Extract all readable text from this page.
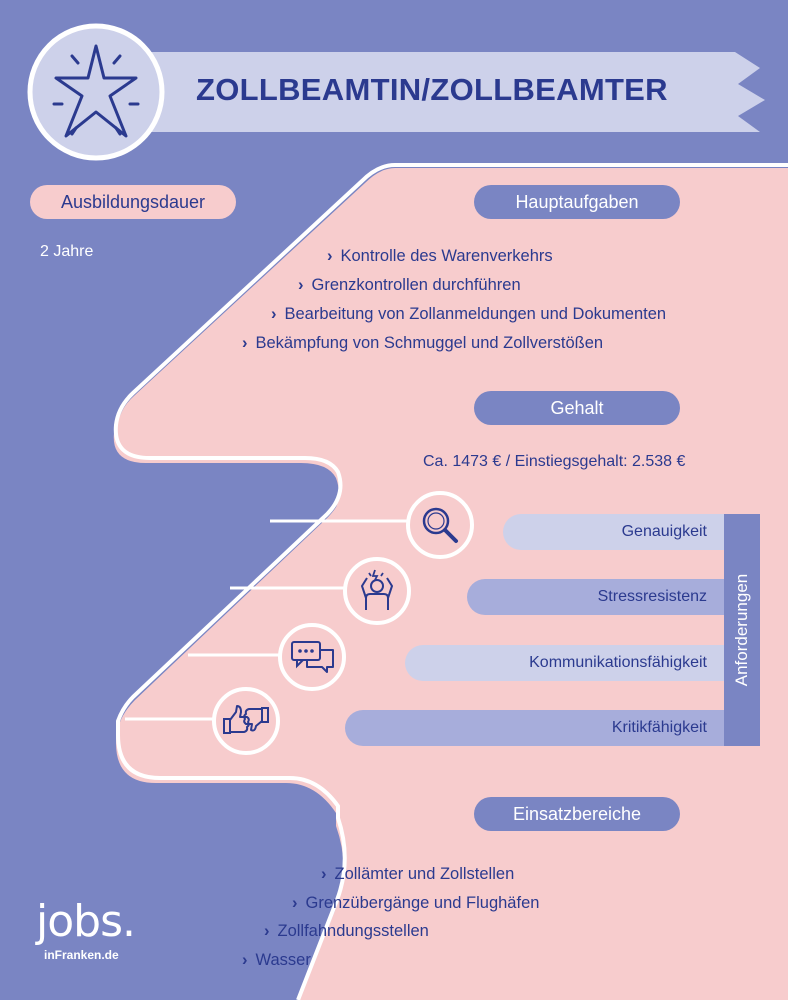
ZOLLBEAMTIN/ZOLLBEAMTER
Ausbildungsdauer
2 Jahre
Hauptaufgaben
› Kontrolle des Warenverkehrs
› Grenzkontrollen durchführen
› Bearbeitung von Zollanmeldungen und Dokumenten
› Bekämpfung von Schmuggel und Zollverstößen
Gehalt
Ca. 1473 € / Einstiegsgehalt: 2.538 €
Genauigkeit
Stressresistenz
Kommunikationsfähigkeit
Kritikfähigkeit
Anforderungen
Einsatzbereiche
› Zollämter und Zollstellen
› Grenzübergänge und Flughäfen
› Zollfahndungsstellen
› Wasser
jobs.
inFranken.de
